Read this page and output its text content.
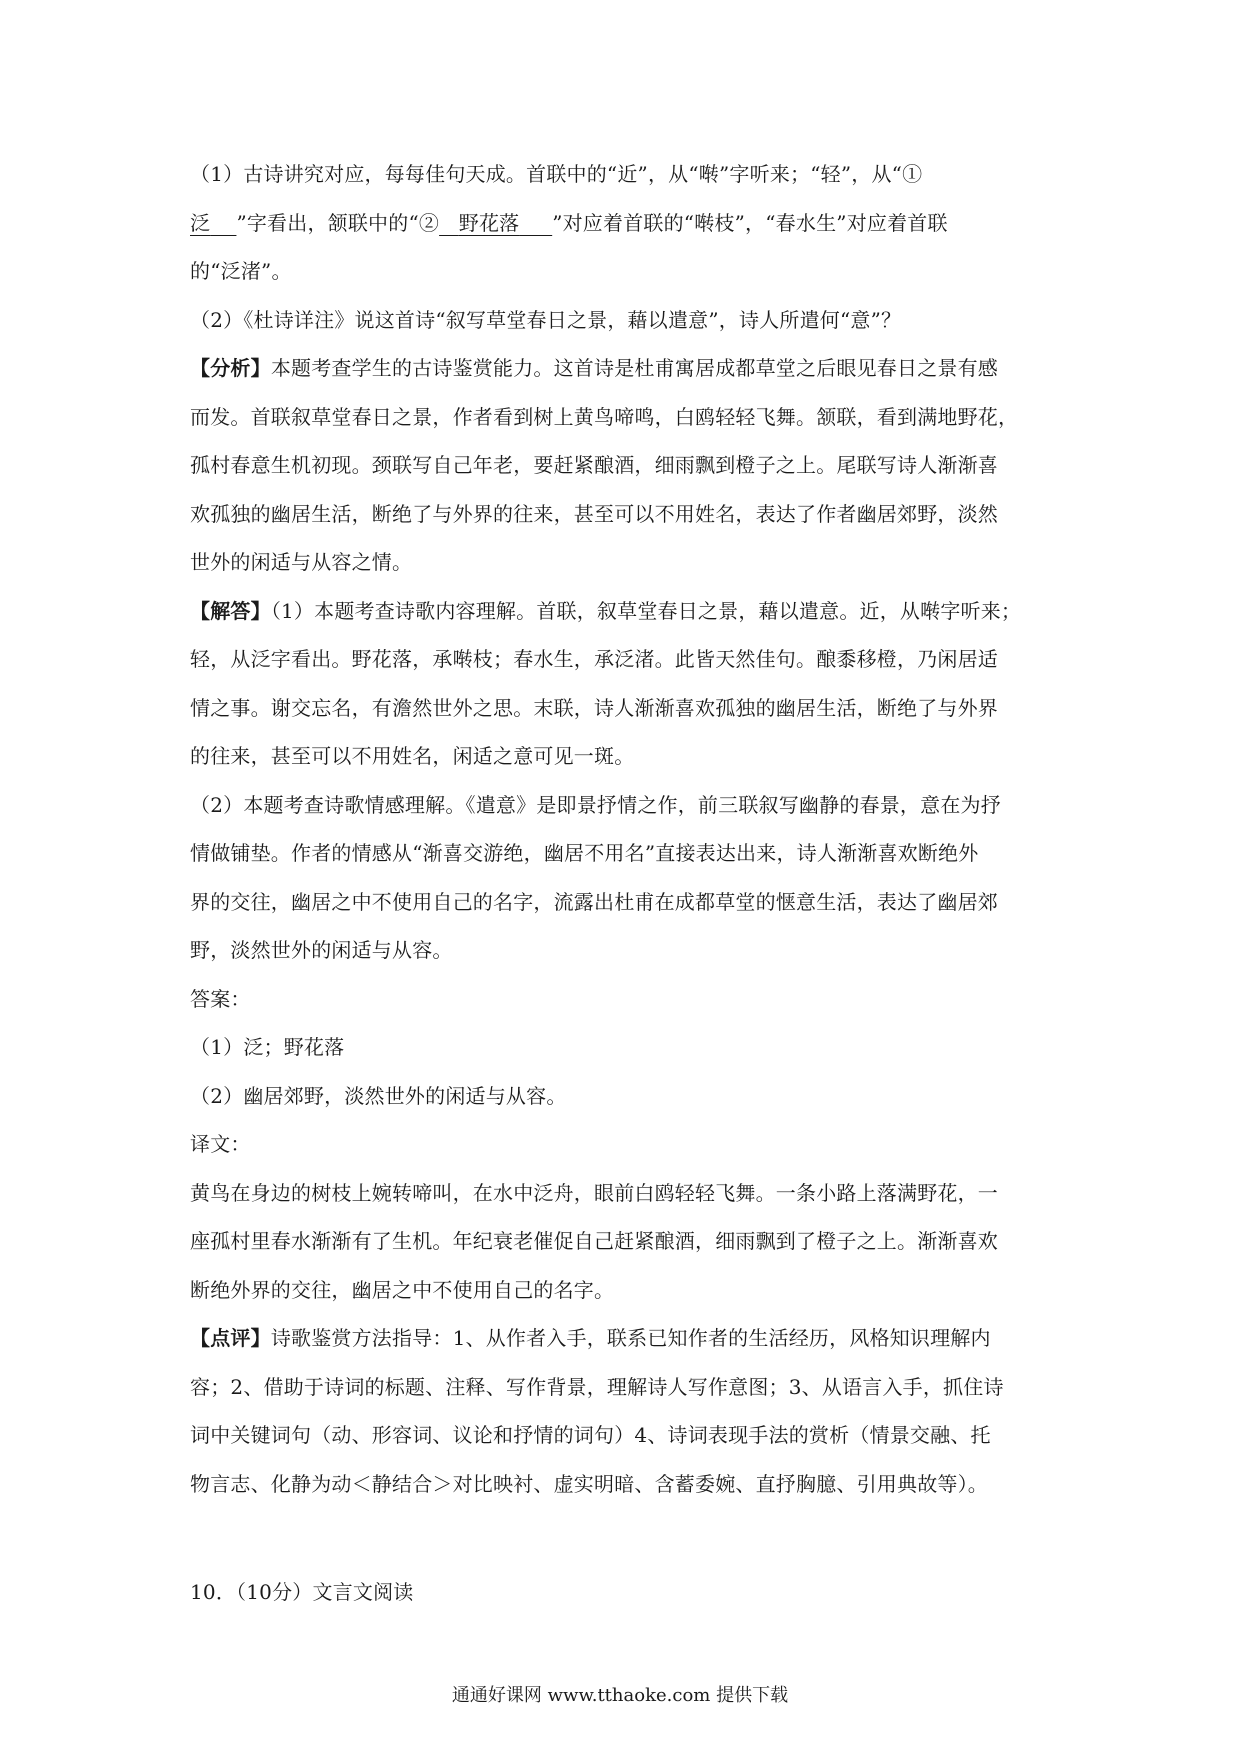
（1）古诗讲究对应，每每佳句天成。首联中的“近”，从“啭”字听来；“轻”，从“①
泛 ”字看出，颔联中的“② 野花落 ”对应着首联的“啭枝”，“春水生”对应着首联
的“泛渚”。
（2）《杜诗详注》说这首诗“叙写草堂春日之景，藉以遣意”，诗人所遣何“意”？
【分析】本题考查学生的古诗鉴赏能力。这首诗是杜甫寓居成都草堂之后眼见春日之景有感
而发。首联叙草堂春日之景，作者看到树上黄鸟啼鸣，白鸥轻轻飞舞。颔联，看到满地野花，
孤村春意生机初现。颈联写自己年老，要赶紧酿酒，细雨飘到橙子之上。尾联写诗人渐渐喜
欢孤独的幽居生活，断绝了与外界的往来，甚至可以不用姓名，表达了作者幽居郊野，淡然
世外的闲适与从容之情。
【解答】（1）本题考查诗歌内容理解。首联，叙草堂春日之景，藉以遣意。近，从啭字听来；
轻，从泛字看出。野花落，承啭枝；春水生，承泛渚。此皆天然佳句。酿黍移橙，乃闲居适
情之事。谢交忘名，有澹然世外之思。末联，诗人渐渐喜欢孤独的幽居生活，断绝了与外界
的往来，甚至可以不用姓名，闲适之意可见一斑。
（2）本题考查诗歌情感理解。《遣意》是即景抒情之作，前三联叙写幽静的春景，意在为抒
情做铺垫。作者的情感从“渐喜交游绝，幽居不用名”直接表达出来，诗人渐渐喜欢断绝外
界的交往，幽居之中不使用自己的名字，流露出杜甫在成都草堂的惬意生活，表达了幽居郊
野，淡然世外的闲适与从容。
答案：
（1）泛；野花落
（2）幽居郊野，淡然世外的闲适与从容。
译文：
黄鸟在身边的树枝上婉转啼叫，在水中泛舟，眼前白鸥轻轻飞舞。一条小路上落满野花，一
座孤村里春水渐渐有了生机。年纪衰老催促自己赶紧酿酒，细雨飘到了橙子之上。渐渐喜欢
断绝外界的交往，幽居之中不使用自己的名字。
【点评】诗歌鉴赏方法指导：1、从作者入手，联系已知作者的生活经历，风格知识理解内
容；2、借助于诗词的标题、注释、写作背景，理解诗人写作意图；3、从语言入手，抓住诗
词中关键词句（动、形容词、议论和抒情的词句）4、诗词表现手法的赏析（情景交融、托
物言志、化静为动＜静结合＞对比映衬、虚实明暗、含蓄委婉、直抒胸臆、引用典故等）。
10．（10分）文言文阅读
通通好课网 www.tthaoke.com 提供下载
